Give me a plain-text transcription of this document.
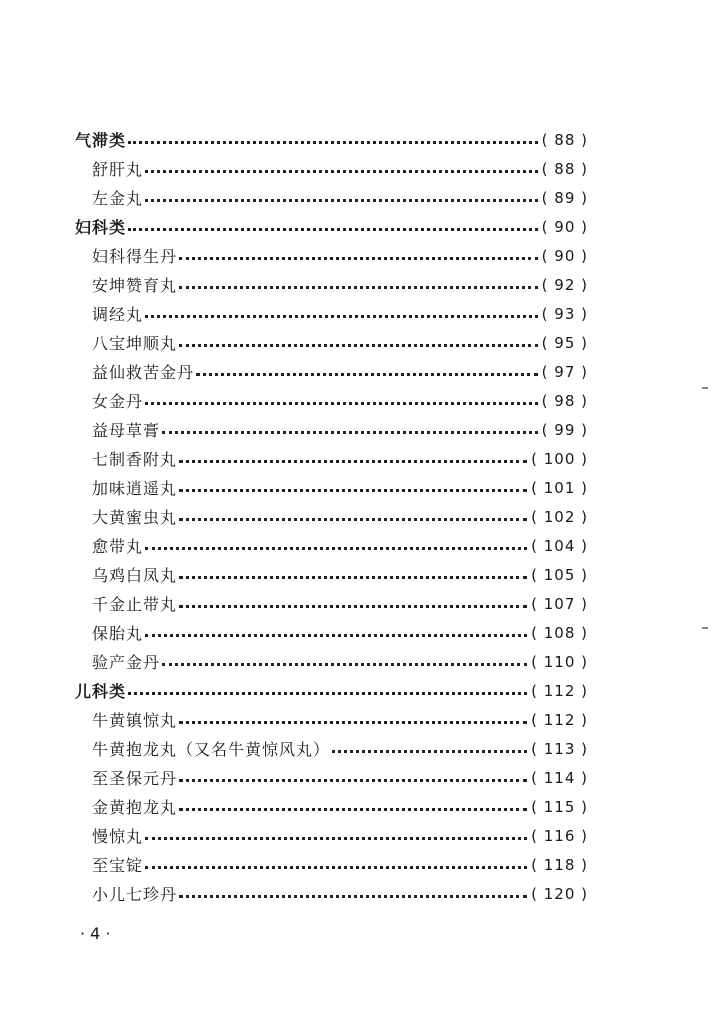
气滞类	( 88 )
舒肝丸	( 88 )
左金丸	( 89 )
妇科类	( 90 )
妇科得生丹	( 90 )
安坤赞育丸	( 92 )
调经丸	( 93 )
八宝坤顺丸	( 95 )
益仙救苦金丹	( 97 )
女金丹	( 98 )
益母草膏	( 99 )
七制香附丸	( 100 )
加味逍遥丸	( 101 )
大黄蜜虫丸	( 102 )
愈带丸	( 104 )
乌鸡白凤丸	( 105 )
千金止带丸	( 107 )
保胎丸	( 108 )
验产金丹	( 110 )
儿科类	( 112 )
牛黄镇惊丸	( 112 )
牛黄抱龙丸（又名牛黄惊风丸）	( 113 )
至圣保元丹	( 114 )
金黄抱龙丸	( 115 )
慢惊丸	( 116 )
至宝锭	( 118 )
小儿七珍丹	( 120 )
· 4 ·
